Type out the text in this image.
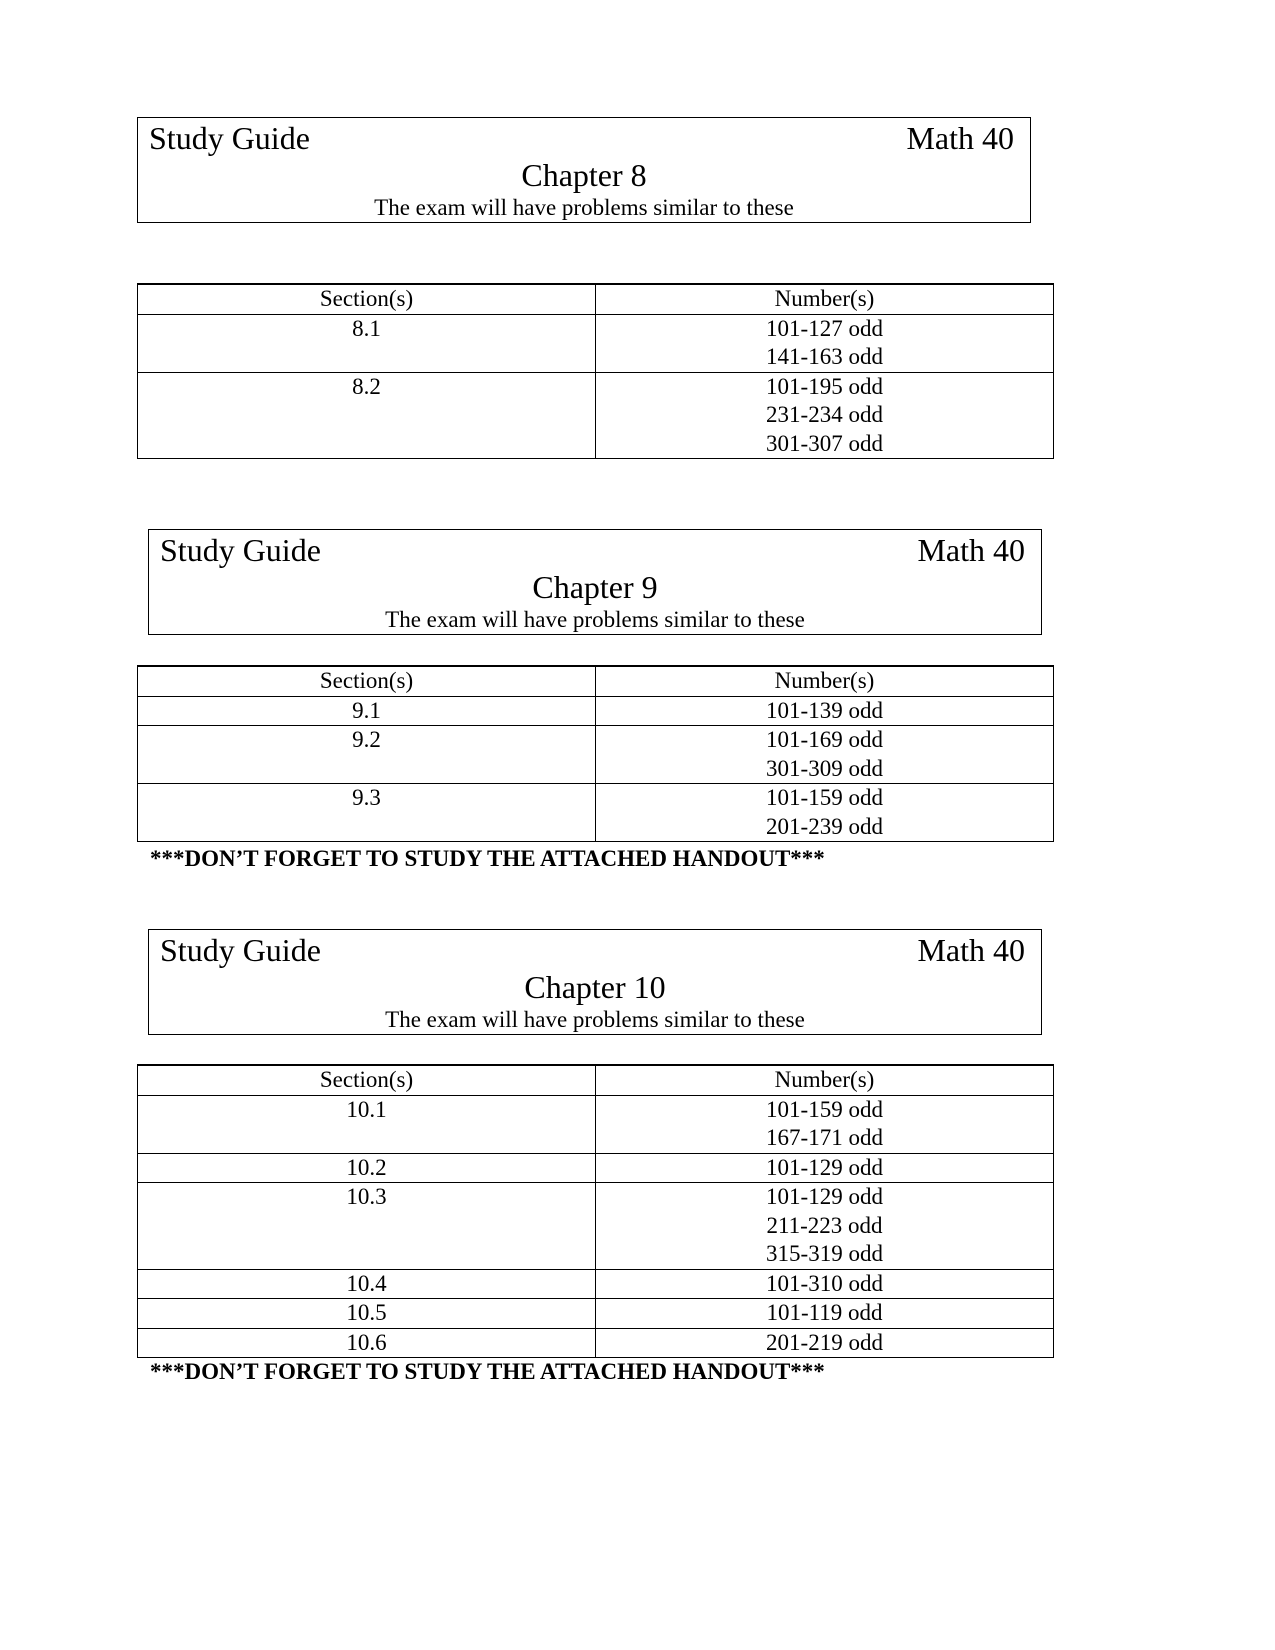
Study Guide	Math 40
Chapter 8
The exam will have problems similar to these
Section(s)	Number(s)
8.1	101-127 odd
141-163 odd

8.2	101-195 odd
231-234 odd
301-307 odd
Study Guide	Math 40
Chapter 9
The exam will have problems similar to these
Section(s)	Number(s)
9.1	101-139 odd

9.2	101-169 odd
301-309 odd

9.3	101-159 odd
201-239 odd
***DON’T FORGET TO STUDY THE ATTACHED HANDOUT***
Study Guide	Math 40
Chapter 10
The exam will have problems similar to these
Section(s)	Number(s)
10.1	101-159 odd
167-171 odd

10.2	101-129 odd

10.3	101-129 odd
211-223 odd
315-319 odd

10.4	101-310 odd

10.5	101-119 odd

10.6	201-219 odd
***DON’T FORGET TO STUDY THE ATTACHED HANDOUT***
